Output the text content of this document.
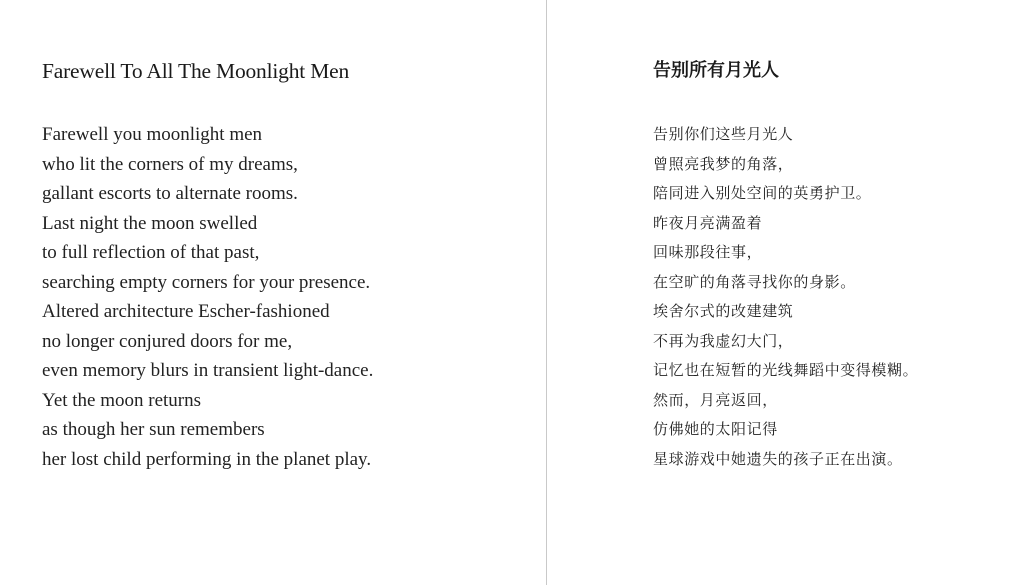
Farewell To All The Moonlight Men
Farewell you moonlight men
who lit the corners of my dreams,
gallant escorts to alternate rooms.
Last night the moon swelled
to full reflection of that past,
searching empty corners for your presence.
Altered architecture Escher-fashioned
no longer conjured doors for me,
even memory blurs in transient light-dance.
Yet the moon returns
as though her sun remembers
her lost child performing in the planet play.
告别所有月光人
告别你们这些月光人
曾照亮我梦的角落，
陪同进入别处空间的英勇护卫。
昨夜月亮满盈着
回味那段往事，
在空旷的角落寻找你的身影。
埃舍尔式的改建建筑
不再为我虚幻大门，
记忆也在短暂的光线舞蹈中变得模糊。
然而，月亮返回，
仿佛她的太阳记得
星球游戏中她遗失的孩子正在出演。
